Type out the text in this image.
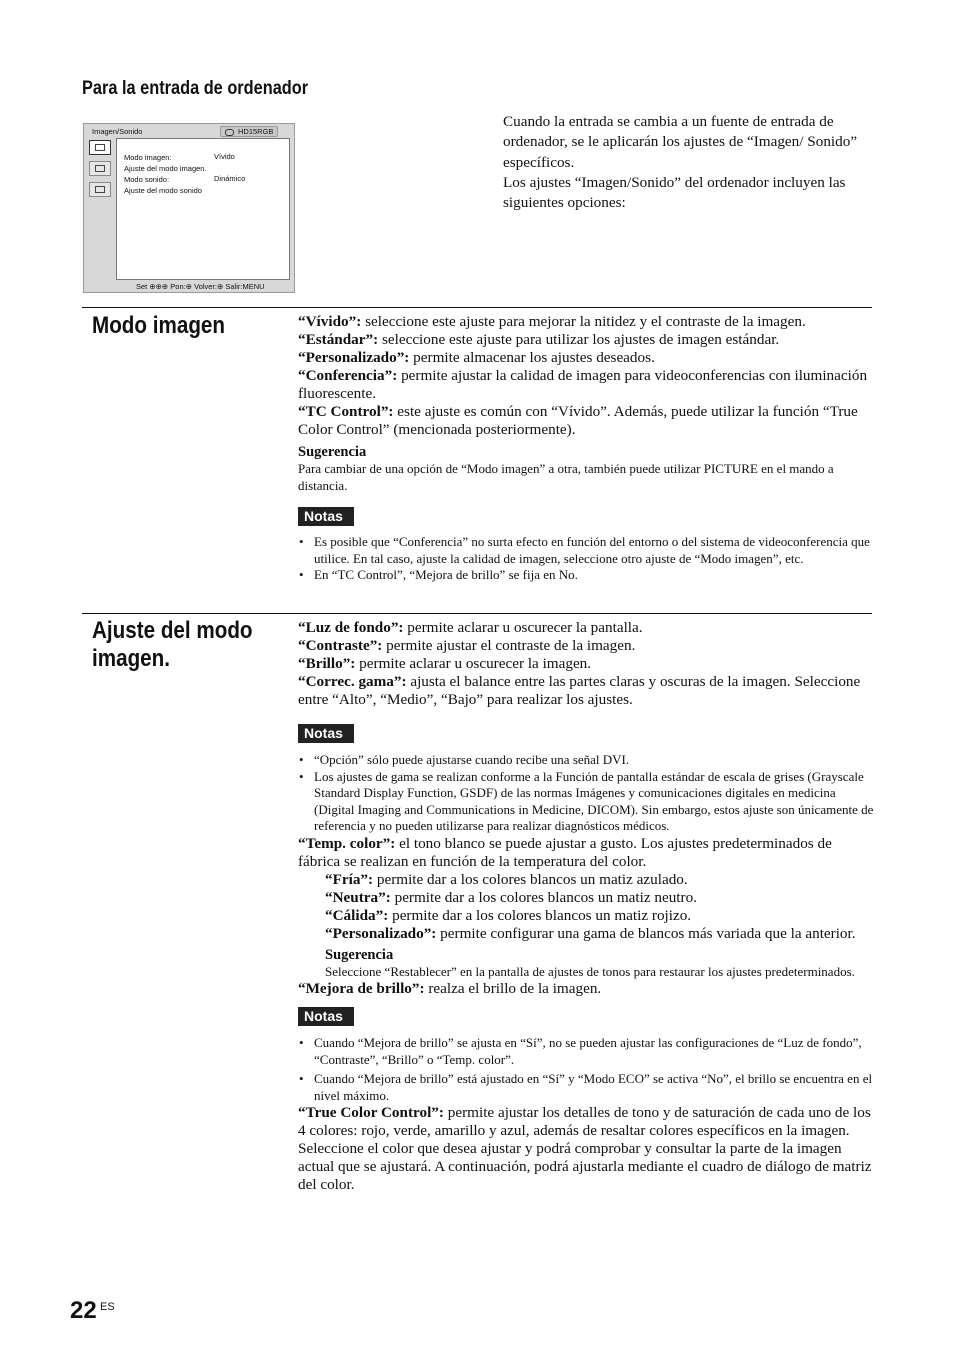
Para la entrada de ordenador
Imagen/Sonido	HD15RGB
Modo imagen:	Vívido
Ajuste del modo imagen.
Modo sonido:	Dinámico
Ajuste del modo sonido
Set ⊕⊕⊕ Pon:⊕ Volver:⊕ Salir:MENU

Cuando la entrada se cambia a un fuente de entrada de ordenador, se le aplicarán los ajustes de “Imagen/ Sonido” específicos.

Los ajustes “Imagen/Sonido” del ordenador incluyen las siguientes opciones:

Modo imagen	“Vívido”: seleccione este ajuste para mejorar la nitidez y el contraste de la imagen.

“Estándar”: seleccione este ajuste para utilizar los ajustes de imagen estándar.

“Personalizado”: permite almacenar los ajustes deseados.

“Conferencia”: permite ajustar la calidad de imagen para videoconferencias con iluminación fluorescente.

“TC Control”: este ajuste es común con “Vívido”. Además, puede utilizar la función “True Color Control” (mencionada posteriormente).

Sugerencia
Para cambiar de una opción de “Modo imagen” a otra, también puede utilizar PICTURE en el mando a distancia.
Notas
• Es posible que “Conferencia” no surta efecto en función del entorno o del sistema de videoconferencia que utilice. En tal caso, ajuste la calidad de imagen, seleccione otro ajuste de “Modo imagen”, etc.
• En “TC Control”, “Mejora de brillo” se fija en No.
Ajuste del modo
imagen.

“Luz de fondo”: permite aclarar u oscurecer la pantalla.

“Contraste”: permite ajustar el contraste de la imagen.

“Brillo”: permite aclarar u oscurecer la imagen.

“Correc. gama”: ajusta el balance entre las partes claras y oscuras de la imagen. Seleccione entre “Alto”, “Medio”, “Bajo” para realizar los ajustes.

Notas
• “Opción” sólo puede ajustarse cuando recibe una señal DVI.
• Los ajustes de gama se realizan conforme a la Función de pantalla estándar de escala de grises (Grayscale Standard Display Function, GSDF) de las normas Imágenes y comunicaciones digitales en medicina (Digital Imaging and Communications in Medicine, DICOM). Sin embargo, estos ajuste son únicamente de referencia y no pueden utilizarse para realizar diagnósticos médicos.

“Temp. color”: el tono blanco se puede ajustar a gusto. Los ajustes predeterminados de fábrica se realizan en función de la temperatura del color.

“Fría”: permite dar a los colores blancos un matiz azulado.

“Neutra”: permite dar a los colores blancos un matiz neutro.

“Cálida”: permite dar a los colores blancos un matiz rojizo.

“Personalizado”: permite configurar una gama de blancos más variada que la anterior.

Sugerencia
Seleccione “Restablecer” en la pantalla de ajustes de tonos para restaurar los ajustes predeterminados.

“Mejora de brillo”: realza el brillo de la imagen.

Notas
• Cuando “Mejora de brillo” se ajusta en “Sí”, no se pueden ajustar las configuraciones de “Luz de fondo”, “Contraste”, “Brillo” o “Temp. color”.
• Cuando “Mejora de brillo” está ajustado en “Sí” y “Modo ECO” se activa “No”, el brillo se encuentra en el nivel máximo.

“True Color Control”: permite ajustar los detalles de tono y de saturación de cada uno de los 4 colores: rojo, verde, amarillo y azul, además de resaltar colores específicos en la imagen.

Seleccione el color que desea ajustar y podrá comprobar y consultar la parte de la imagen actual que se ajustará. A continuación, podrá ajustarla mediante el cuadro de diálogo de matriz del color.

22 ES
